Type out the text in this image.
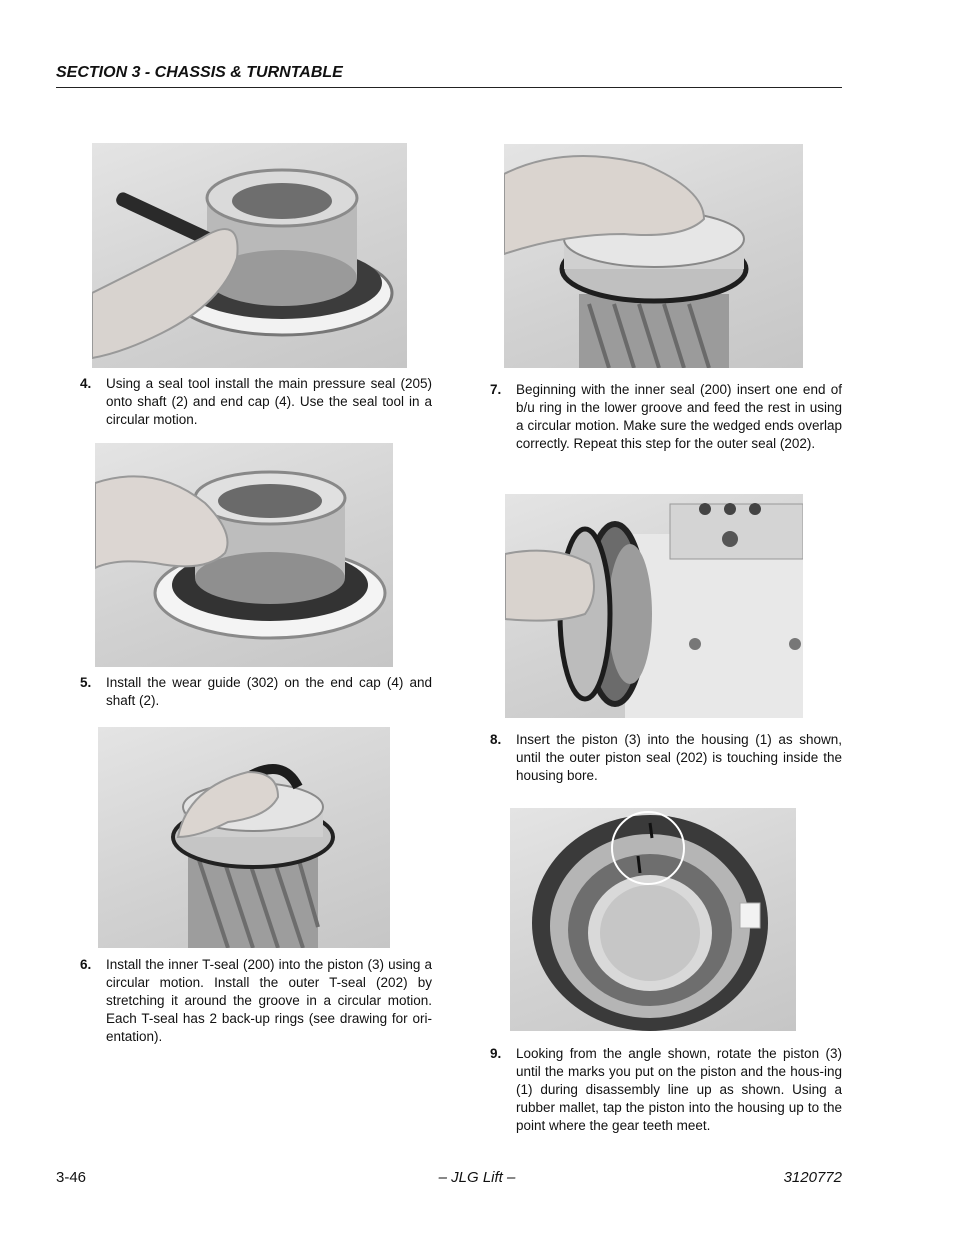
SECTION 3 - CHASSIS & TURNTABLE
4.	Using a seal tool install the main pressure seal (205) onto shaft (2) and end cap (4). Use the seal tool in a circular motion.
5.	Install the wear guide (302) on the end cap (4) and shaft (2).
6.	Install the inner T-seal (200) into the piston (3) using a circular motion. Install the outer T-seal (202) by stretching it around the groove in a circular motion. Each T-seal has 2 back-up rings (see drawing for ori-entation).
7.	Beginning with the inner seal (200) insert one end of b/u ring in the lower groove and feed the rest in using a circular motion. Make sure the wedged ends overlap correctly. Repeat this step for the outer seal (202).
8.	Insert the piston (3) into the housing (1) as shown, until the outer piston seal (202) is touching inside the housing bore.
9.	Looking from the angle shown, rotate the piston (3) until the marks you put on the piston and the hous-ing (1) during disassembly line up as shown. Using a rubber mallet, tap the piston into the housing up to the point where the gear teeth meet.
3-46	– JLG Lift –	3120772
